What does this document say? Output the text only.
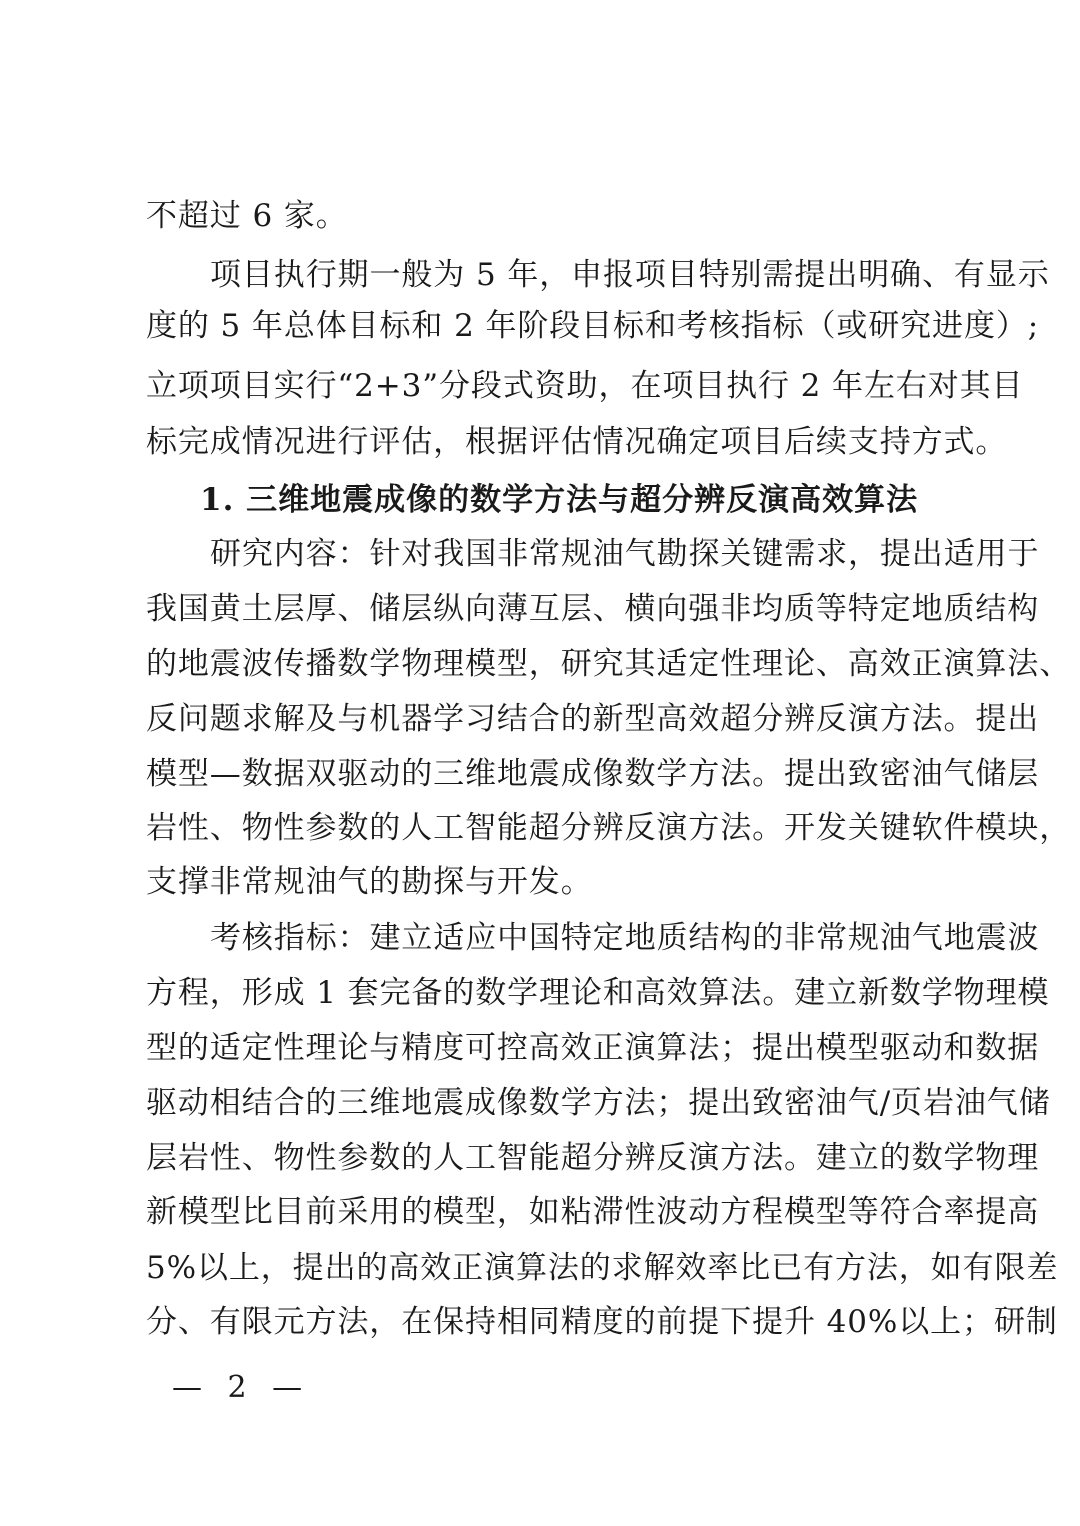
不超过 6 家。
项目执行期一般为 5 年，申报项目特别需提出明确、有显示
度的 5 年总体目标和 2 年阶段目标和考核指标（或研究进度）;
立项项目实行“2+3”分段式资助，在项目执行 2 年左右对其目
标完成情况进行评估，根据评估情况确定项目后续支持方式。
1. 三维地震成像的数学方法与超分辨反演高效算法
研究内容：针对我国非常规油气勘探关键需求，提出适用于
我国黄土层厚、储层纵向薄互层、横向强非均质等特定地质结构
的地震波传播数学物理模型，研究其适定性理论、高效正演算法、
反问题求解及与机器学习结合的新型高效超分辨反演方法。提出
模型—数据双驱动的三维地震成像数学方法。提出致密油气储层
岩性、物性参数的人工智能超分辨反演方法。开发关键软件模块，
支撑非常规油气的勘探与开发。
考核指标：建立适应中国特定地质结构的非常规油气地震波
方程，形成 1 套完备的数学理论和高效算法。建立新数学物理模
型的适定性理论与精度可控高效正演算法；提出模型驱动和数据
驱动相结合的三维地震成像数学方法；提出致密油气/页岩油气储
层岩性、物性参数的人工智能超分辨反演方法。建立的数学物理
新模型比目前采用的模型，如粘滞性波动方程模型等符合率提高
5%以上，提出的高效正演算法的求解效率比已有方法，如有限差
分、有限元方法，在保持相同精度的前提下提升 40%以上；研制
— 2 —
